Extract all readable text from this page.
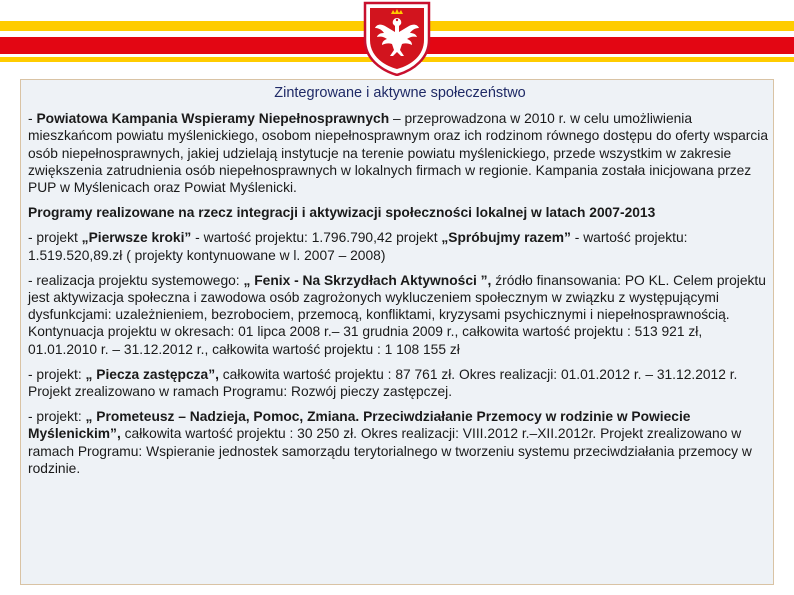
Zintegrowane i aktywne społeczeństwo

- Powiatowa Kampania Wspieramy Niepełnosprawnych – przeprowadzona w 2010 r. w celu umożliwienia mieszkańcom powiatu myślenickiego, osobom niepełnosprawnym oraz ich rodzinom równego dostępu do oferty wsparcia osób niepełnosprawnych, jakiej udzielają instytucje na terenie powiatu myślenickiego, przede wszystkim w zakresie zwiększenia zatrudnienia osób niepełnosprawnych w lokalnych firmach w regionie. Kampania została inicjowana przez PUP w Myślenicach oraz Powiat Myślenicki.

Programy realizowane na rzecz integracji i aktywizacji społeczności lokalnej w latach 2007-2013

- projekt „Pierwsze kroki” - wartość projektu: 1.796.790,42 projekt „Spróbujmy razem” - wartość projektu: 1.519.520,89.zł ( projekty kontynuowane w l. 2007 – 2008)

- realizacja projektu systemowego: „ Fenix - Na Skrzydłach Aktywności ”, źródło finansowania: PO KL. Celem projektu jest aktywizacja społeczna i zawodowa osób zagrożonych wykluczeniem społecznym w związku z występującymi dysfunkcjami: uzależnieniem, bezrobociem, przemocą, konfliktami, kryzysami psychicznymi i niepełnosprawnością. Kontynuacja projektu w okresach: 01 lipca 2008 r.– 31 grudnia 2009 r., całkowita wartość projektu : 513 921 zł, 01.01.2010 r. – 31.12.2012 r., całkowita wartość projektu : 1 108 155 zł

- projekt: „ Piecza zastępcza”, całkowita wartość projektu : 87 761 zł. Okres realizacji: 01.01.2012 r. – 31.12.2012 r. Projekt zrealizowano w ramach Programu: Rozwój pieczy zastępczej.

- projekt: „ Prometeusz – Nadzieja, Pomoc, Zmiana. Przeciwdziałanie Przemocy w rodzinie w Powiecie Myślenickim”, całkowita wartość projektu : 30 250 zł. Okres realizacji: VIII.2012 r.–XII.2012r. Projekt zrealizowano w ramach Programu: Wspieranie jednostek samorządu terytorialnego w tworzeniu systemu przeciwdziałania przemocy w rodzinie.
